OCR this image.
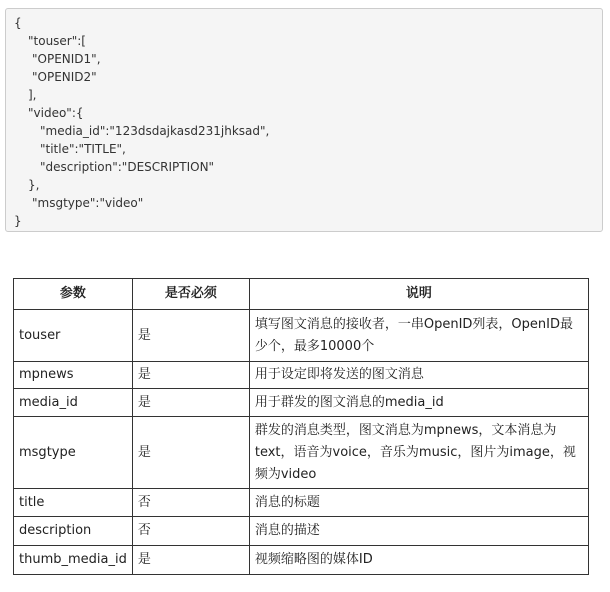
{
"touser":[
"OPENID1",
"OPENID2"
],
"video":{
"media_id":"123dsdajkasd231jhksad",
"title":"TITLE",
"description":"DESCRIPTION"
},
"msgtype":"video"
}
参数	是否必须	说明
touser	是	填写图文消息的接收者，一串OpenID列表，OpenID最少个，最多10000个
mpnews	是	用于设定即将发送的图文消息
media_id	是	用于群发的图文消息的media_id
msgtype	是	群发的消息类型，图文消息为mpnews，文本消息为text，语音为voice，音乐为music，图片为image，视频为video
title	否	消息的标题
description	否	消息的描述
thumb_media_id	是	视频缩略图的媒体ID
